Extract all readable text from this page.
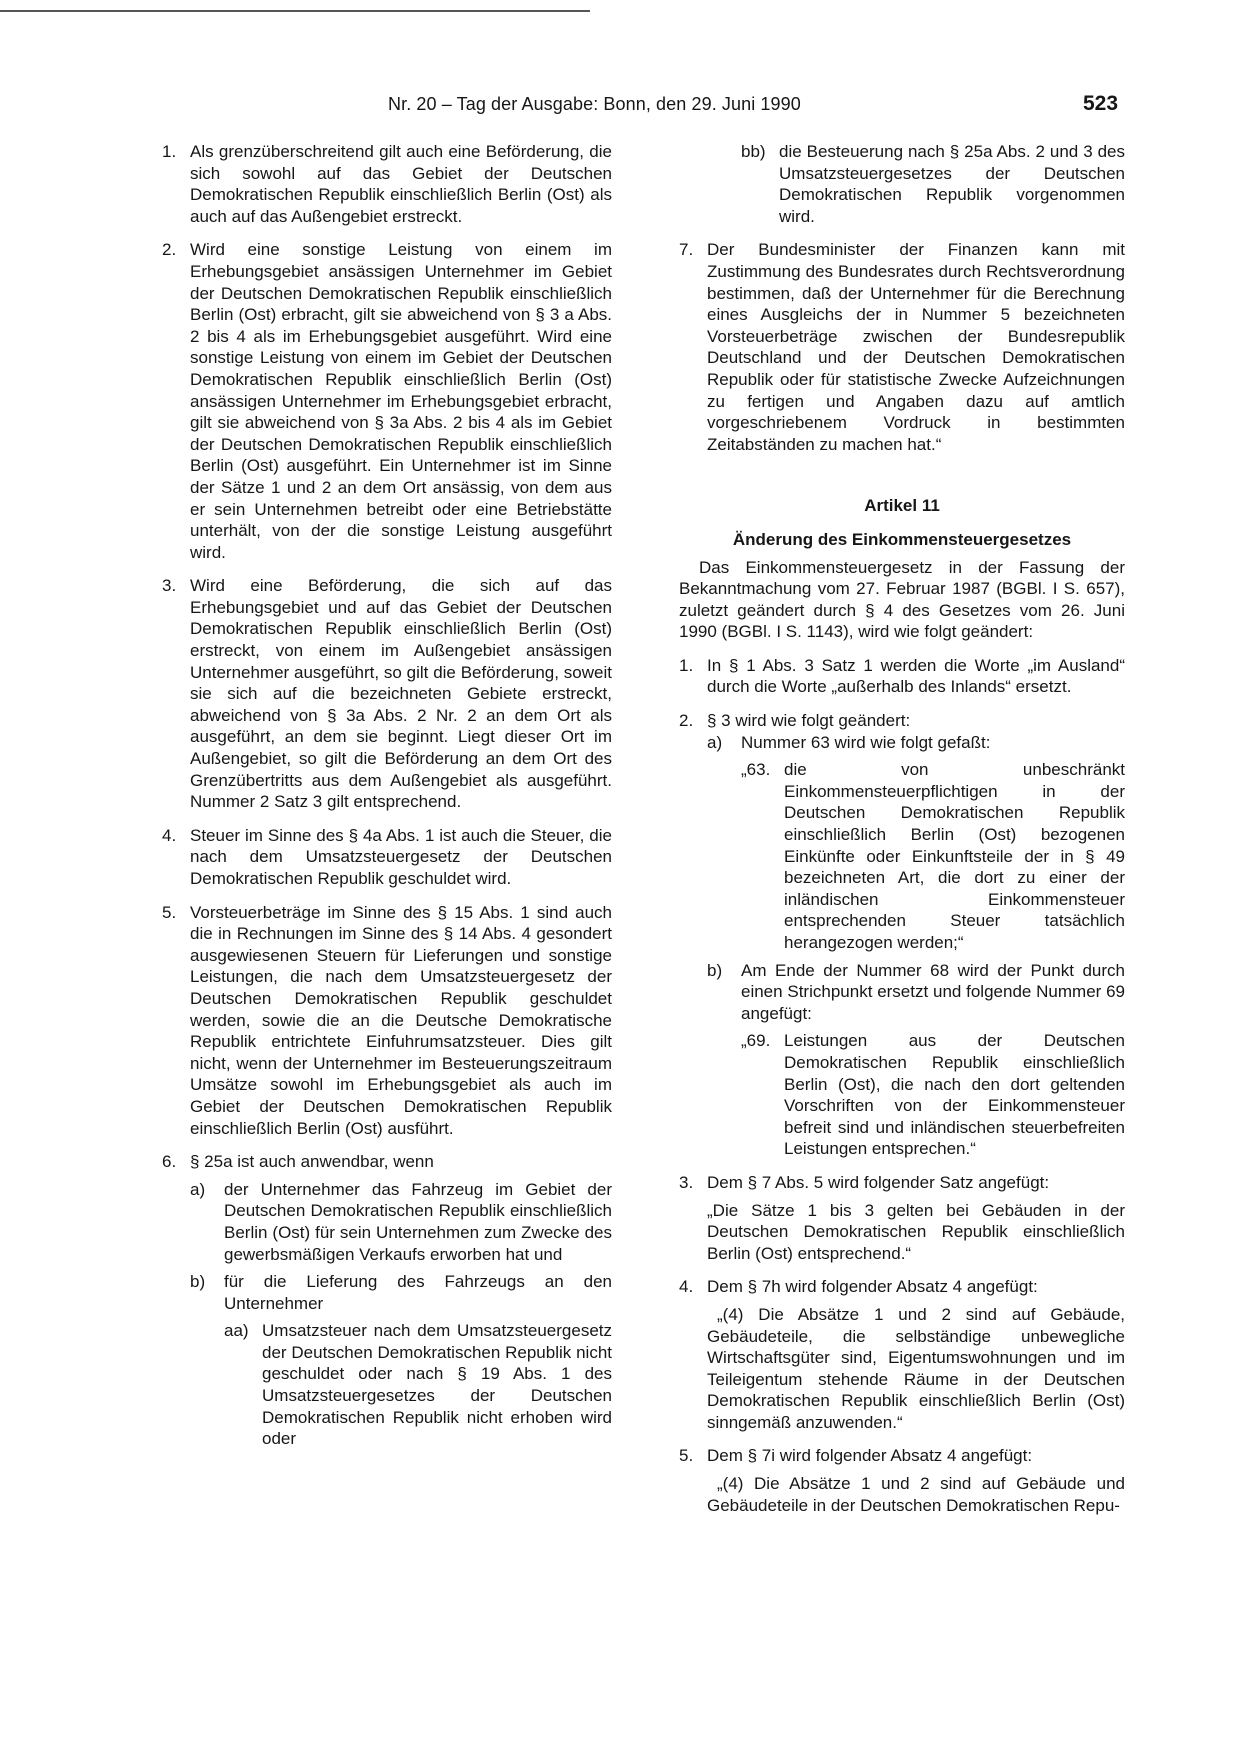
Nr. 20 – Tag der Ausgabe: Bonn, den 29. Juni 1990	523
1. Als grenzüberschreitend gilt auch eine Beförderung, die sich sowohl auf das Gebiet der Deutschen Demokratischen Republik einschließlich Berlin (Ost) als auch auf das Außengebiet erstreckt.
2. Wird eine sonstige Leistung von einem im Erhebungsgebiet ansässigen Unternehmer im Gebiet der Deutschen Demokratischen Republik einschließlich Berlin (Ost) erbracht, gilt sie abweichend von § 3 a Abs. 2 bis 4 als im Erhebungsgebiet ausgeführt. Wird eine sonstige Leistung von einem im Gebiet der Deutschen Demokratischen Republik einschließlich Berlin (Ost) ansässigen Unternehmer im Erhebungsgebiet erbracht, gilt sie abweichend von § 3a Abs. 2 bis 4 als im Gebiet der Deutschen Demokratischen Republik einschließlich Berlin (Ost) ausgeführt. Ein Unternehmer ist im Sinne der Sätze 1 und 2 an dem Ort ansässig, von dem aus er sein Unternehmen betreibt oder eine Betriebstätte unterhält, von der die sonstige Leistung ausgeführt wird.
3. Wird eine Beförderung, die sich auf das Erhebungsgebiet und auf das Gebiet der Deutschen Demokratischen Republik einschließlich Berlin (Ost) erstreckt, von einem im Außengebiet ansässigen Unternehmer ausgeführt, so gilt die Beförderung, soweit sie sich auf die bezeichneten Gebiete erstreckt, abweichend von § 3a Abs. 2 Nr. 2 an dem Ort als ausgeführt, an dem sie beginnt. Liegt dieser Ort im Außengebiet, so gilt die Beförderung an dem Ort des Grenzübertritts aus dem Außengebiet als ausgeführt. Nummer 2 Satz 3 gilt entsprechend.
4. Steuer im Sinne des § 4a Abs. 1 ist auch die Steuer, die nach dem Umsatzsteuergesetz der Deutschen Demokratischen Republik geschuldet wird.
5. Vorsteuerbeträge im Sinne des § 15 Abs. 1 sind auch die in Rechnungen im Sinne des § 14 Abs. 4 gesondert ausgewiesenen Steuern für Lieferungen und sonstige Leistungen, die nach dem Umsatzsteuergesetz der Deutschen Demokratischen Republik geschuldet werden, sowie die an die Deutsche Demokratische Republik entrichtete Einfuhrumsatzsteuer. Dies gilt nicht, wenn der Unternehmer im Besteuerungszeitraum Umsätze sowohl im Erhebungsgebiet als auch im Gebiet der Deutschen Demokratischen Republik einschließlich Berlin (Ost) ausführt.
6. § 25a ist auch anwendbar, wenn
a) der Unternehmer das Fahrzeug im Gebiet der Deutschen Demokratischen Republik einschließlich Berlin (Ost) für sein Unternehmen zum Zwecke des gewerbsmäßigen Verkaufs erworben hat und
b) für die Lieferung des Fahrzeugs an den Unternehmer
aa) Umsatzsteuer nach dem Umsatzsteuergesetz der Deutschen Demokratischen Republik nicht geschuldet oder nach § 19 Abs. 1 des Umsatzsteuergesetzes der Deutschen Demokratischen Republik nicht erhoben wird oder
bb) die Besteuerung nach § 25a Abs. 2 und 3 des Umsatzsteuergesetzes der Deutschen Demokratischen Republik vorgenommen wird.
7. Der Bundesminister der Finanzen kann mit Zustimmung des Bundesrates durch Rechtsverordnung bestimmen, daß der Unternehmer für die Berechnung eines Ausgleichs der in Nummer 5 bezeichneten Vorsteuerbeträge zwischen der Bundesrepublik Deutschland und der Deutschen Demokratischen Republik oder für statistische Zwecke Aufzeichnungen zu fertigen und Angaben dazu auf amtlich vorgeschriebenem Vordruck in bestimmten Zeitabständen zu machen hat.“
Artikel 11
Änderung des Einkommensteuergesetzes
Das Einkommensteuergesetz in der Fassung der Bekanntmachung vom 27. Februar 1987 (BGBl. I S. 657), zuletzt geändert durch § 4 des Gesetzes vom 26. Juni 1990 (BGBl. I S. 1143), wird wie folgt geändert:
1. In § 1 Abs. 3 Satz 1 werden die Worte „im Ausland“ durch die Worte „außerhalb des Inlands“ ersetzt.
2. § 3 wird wie folgt geändert:
a) Nummer 63 wird wie folgt gefaßt:
„63. die von unbeschränkt Einkommensteuerpflichtigen in der Deutschen Demokratischen Republik einschließlich Berlin (Ost) bezogenen Einkünfte oder Einkunftsteile der in § 49 bezeichneten Art, die dort zu einer der inländischen Einkommensteuer entsprechenden Steuer tatsächlich herangezogen werden;“
b) Am Ende der Nummer 68 wird der Punkt durch einen Strichpunkt ersetzt und folgende Nummer 69 angefügt:
„69. Leistungen aus der Deutschen Demokratischen Republik einschließlich Berlin (Ost), die nach den dort geltenden Vorschriften von der Einkommensteuer befreit sind und inländischen steuerbefreiten Leistungen entsprechen.“
3. Dem § 7 Abs. 5 wird folgender Satz angefügt:
„Die Sätze 1 bis 3 gelten bei Gebäuden in der Deutschen Demokratischen Republik einschließlich Berlin (Ost) entsprechend.“
4. Dem § 7h wird folgender Absatz 4 angefügt:
„(4) Die Absätze 1 und 2 sind auf Gebäude, Gebäudeteile, die selbständige unbewegliche Wirtschaftsgüter sind, Eigentumswohnungen und im Teileigentum stehende Räume in der Deutschen Demokratischen Republik einschließlich Berlin (Ost) sinngemäß anzuwenden.“
5. Dem § 7i wird folgender Absatz 4 angefügt:
„(4) Die Absätze 1 und 2 sind auf Gebäude und Gebäudeteile in der Deutschen Demokratischen Repu-
